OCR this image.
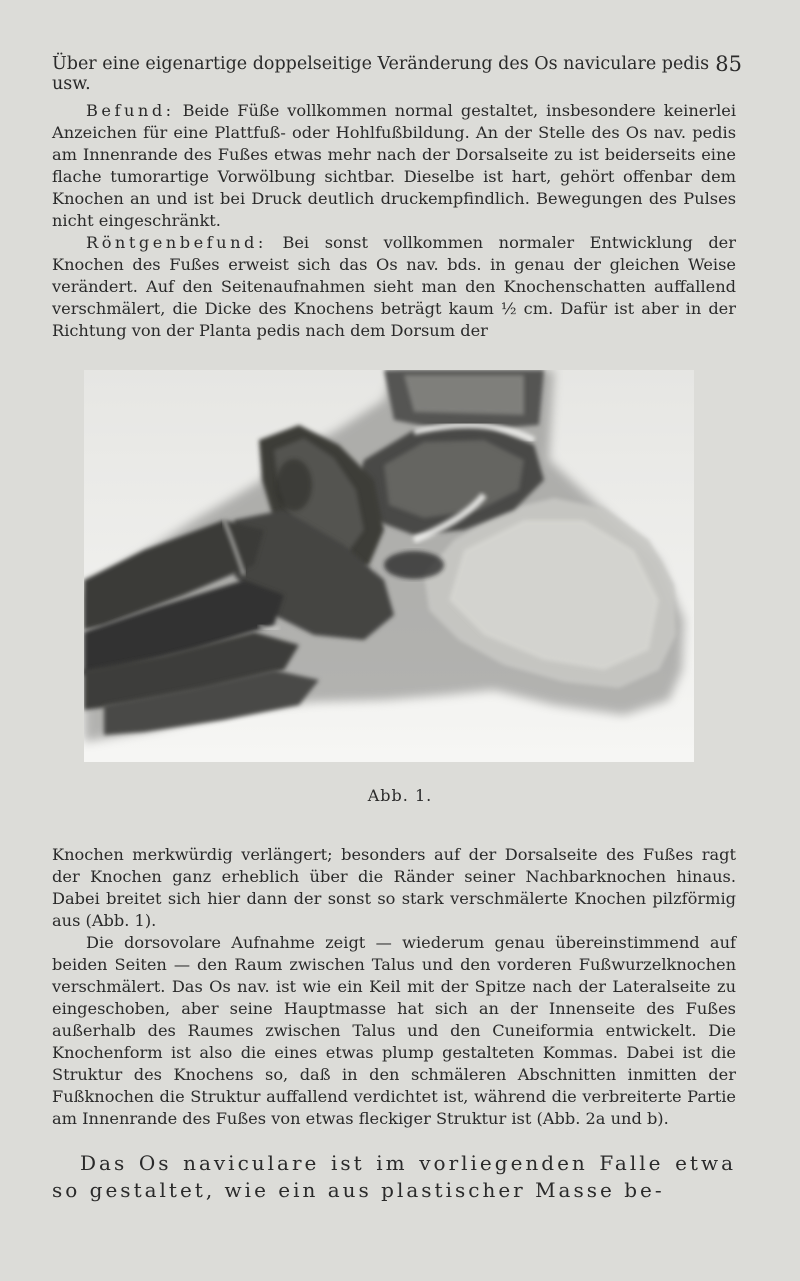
Über eine eigenartige doppelseitige Veränderung des Os naviculare pedis usw.
85

Befund: Beide Füße vollkommen normal gestaltet, insbesondere keinerlei Anzeichen für eine Plattfuß- oder Hohlfußbildung. An der Stelle des Os nav. pedis am Innenrande des Fußes etwas mehr nach der Dorsalseite zu ist beiderseits eine flache tumorartige Vorwölbung sichtbar. Dieselbe ist hart, gehört offenbar dem Knochen an und ist bei Druck deutlich druckempfindlich. Bewegungen des Pulses nicht eingeschränkt.

Röntgenbefund: Bei sonst vollkommen normaler Entwicklung der Knochen des Fußes erweist sich das Os nav. bds. in genau der gleichen Weise verändert. Auf den Seitenaufnahmen sieht man den Knochenschatten auffallend verschmälert, die Dicke des Knochens beträgt kaum ½ cm. Dafür ist aber in der Richtung von der Planta pedis nach dem Dorsum der

Abb. 1.

Knochen merkwürdig verlängert; besonders auf der Dorsalseite des Fußes ragt der Knochen ganz erheblich über die Ränder seiner Nachbarknochen hinaus. Dabei breitet sich hier dann der sonst so stark verschmälerte Knochen pilzförmig aus (Abb. 1).

Die dorsovolare Aufnahme zeigt — wiederum genau übereinstimmend auf beiden Seiten — den Raum zwischen Talus und den vorderen Fußwurzelknochen verschmälert. Das Os nav. ist wie ein Keil mit der Spitze nach der Lateralseite zu eingeschoben, aber seine Hauptmasse hat sich an der Innenseite des Fußes außerhalb des Raumes zwischen Talus und den Cuneiformia entwickelt. Die Knochenform ist also die eines etwas plump gestalteten Kommas. Dabei ist die Struktur des Knochens so, daß in den schmäleren Abschnitten inmitten der Fußknochen die Struktur auffallend verdichtet ist, während die verbreiterte Partie am Innenrande des Fußes von etwas fleckiger Struktur ist (Abb. 2a und b).

Das Os naviculare ist im vorliegenden Falle etwa so gestaltet, wie ein aus plastischer Masse be-
